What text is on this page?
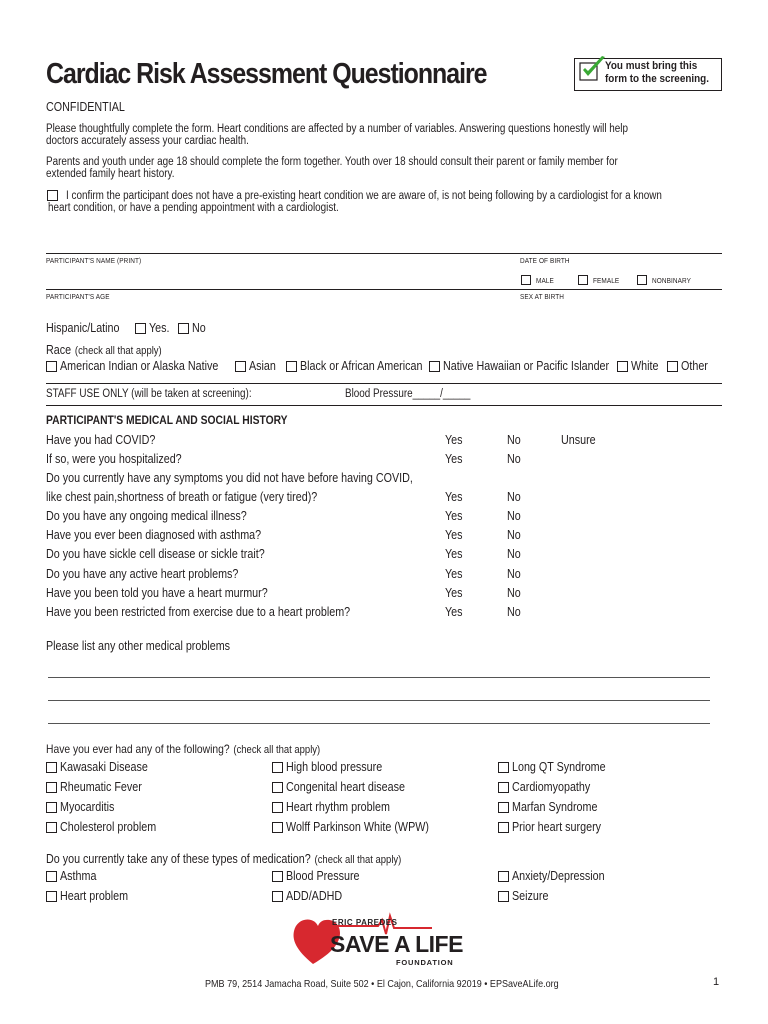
Cardiac Risk Assessment Questionnaire	You must bring this
form to the screening.
CONFIDENTIAL
Please thoughtfully complete the form. Heart conditions are affected by a number of variables. Answering questions honestly will help
doctors accurately assess your cardiac health.
Parents and youth under age 18 should complete the form together. Youth over 18 should consult their parent or family member for
extended family heart history.
I confirm the participant does not have a pre-existing heart condition we are aware of, is not being following by a cardiologist for a known
heart condition, or have a pending appointment with a cardiologist.
PARTICIPANT'S NAME (PRINT)	DATE OF BIRTH
MALE	FEMALE	NONBINARY
PARTICIPANT'S AGE	SEX AT BIRTH
Hispanic/Latino Yes. No
Race (check all that apply)
American Indian or Alaska Native Asian Black or African American Native Hawaiian or Pacific Islander White Other
STAFF USE ONLY (will be taken at screening):	Blood Pressure_____/_____
PARTICIPANT'S MEDICAL AND SOCIAL HISTORY
Have you had COVID?	Yes	No	Unsure
If so, were you hospitalized?	Yes	No
Do you currently have any symptoms you did not have before having COVID,
like chest pain,shortness of breath or fatigue (very tired)?	Yes	No
Do you have any ongoing medical illness?	Yes	No
Have you ever been diagnosed with asthma?	Yes	No
Do you have sickle cell disease or sickle trait?	Yes	No
Do you have any active heart problems?	Yes	No
Have you been told you have a heart murmur?	Yes	No
Have you been restricted from exercise due to a heart problem?	Yes	No
Please list any other medical problems
Have you ever had any of the following? (check all that apply)
Kawasaki Disease
Rheumatic Fever
Myocarditis
Cholesterol problem
High blood pressure
Congenital heart disease
Heart rhythm problem
Wolff Parkinson White (WPW)
Long QT Syndrome
Cardiomyopathy
Marfan Syndrome
Prior heart surgery
Do you currently take any of these types of medication? (check all that apply)
Asthma
Heart problem
Blood Pressure
ADD/ADHD
Anxiety/Depression
Seizure
ERIC PAREDES
SAVE A LIFE
FOUNDATION
PMB 79, 2514 Jamacha Road, Suite 502 • El Cajon, California 92019 • EPSaveALife.org	1
